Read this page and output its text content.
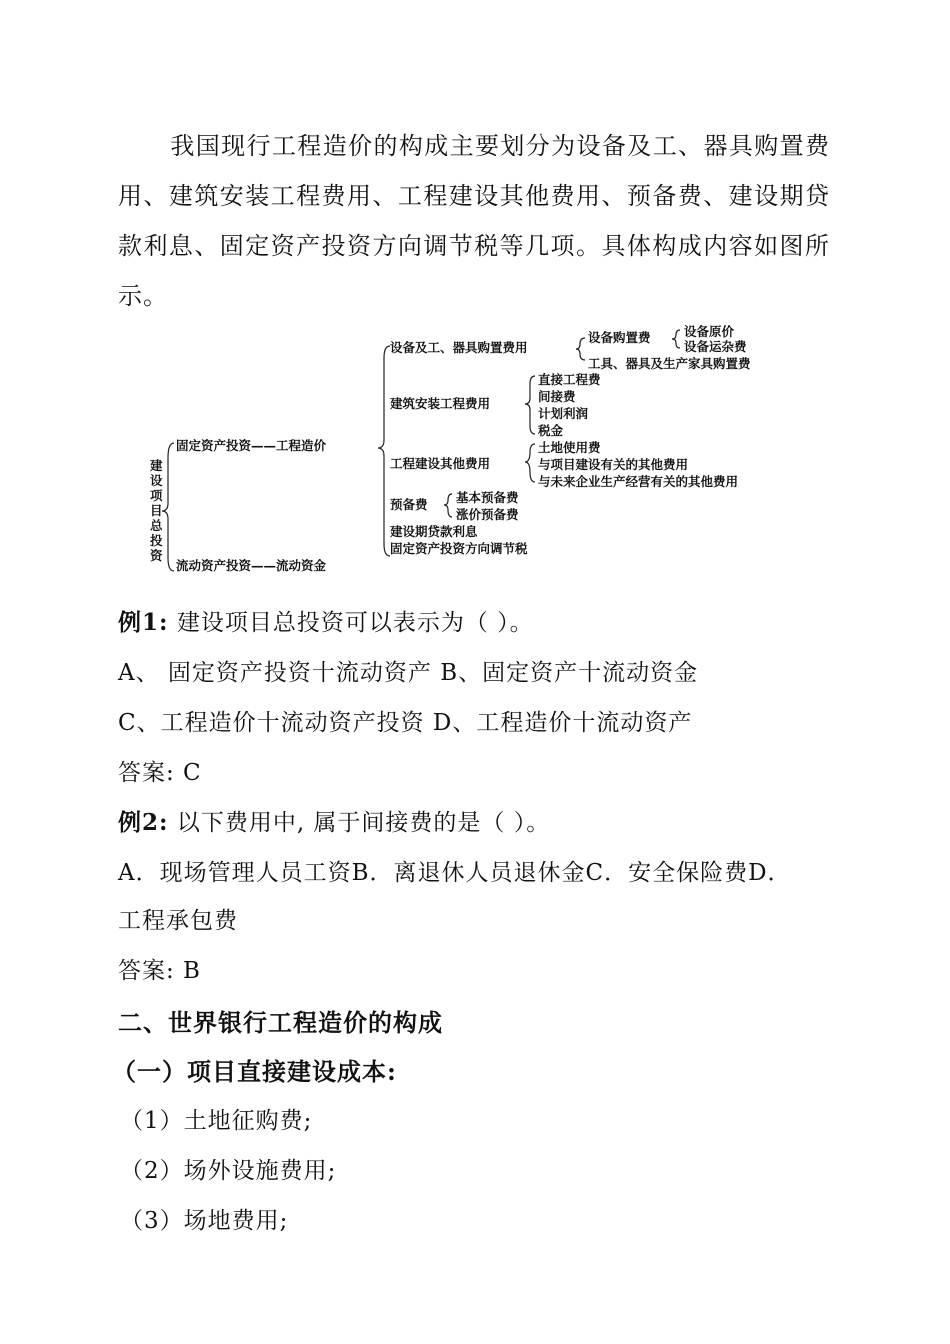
我国现行工程造价的构成主要划分为设备及工、器具购置费用、建筑安装工程费用、工程建设其他费用、预备费、建设期贷款利息、固定资产投资方向调节税等几项。具体构成内容如图所示。

建
设
项
目
总
投
资
固定资产投资——工程造价
流动资产投资——流动资金
设备及工、器具购置费用
设备购置费	设备原价
设备运杂费
工具、器具及生产家具购置费
建筑安装工程费用
直接工程费
间接费
计划利润
税金
工程建设其他费用
土地使用费
与项目建设有关的其他费用
与未来企业生产经营有关的其他费用
预备费 基本预备费
涨价预备费
建设期贷款利息
固定资产投资方向调节税
例1: 建设项目总投资可以表示为（ ）。
A、 固定资产投资十流动资产 B、固定资产十流动资金
C、工程造价十流动资产投资 D、工程造价十流动资产
答案: C
例2: 以下费用中, 属于间接费的是（ ）。
A．现场管理人员工资B．离退休人员退休金C．安全保险费D．
工程承包费
答案: B
二、世界银行工程造价的构成
（一）项目直接建设成本:
（1）土地征购费;
（2）场外设施费用;
（3）场地费用;
